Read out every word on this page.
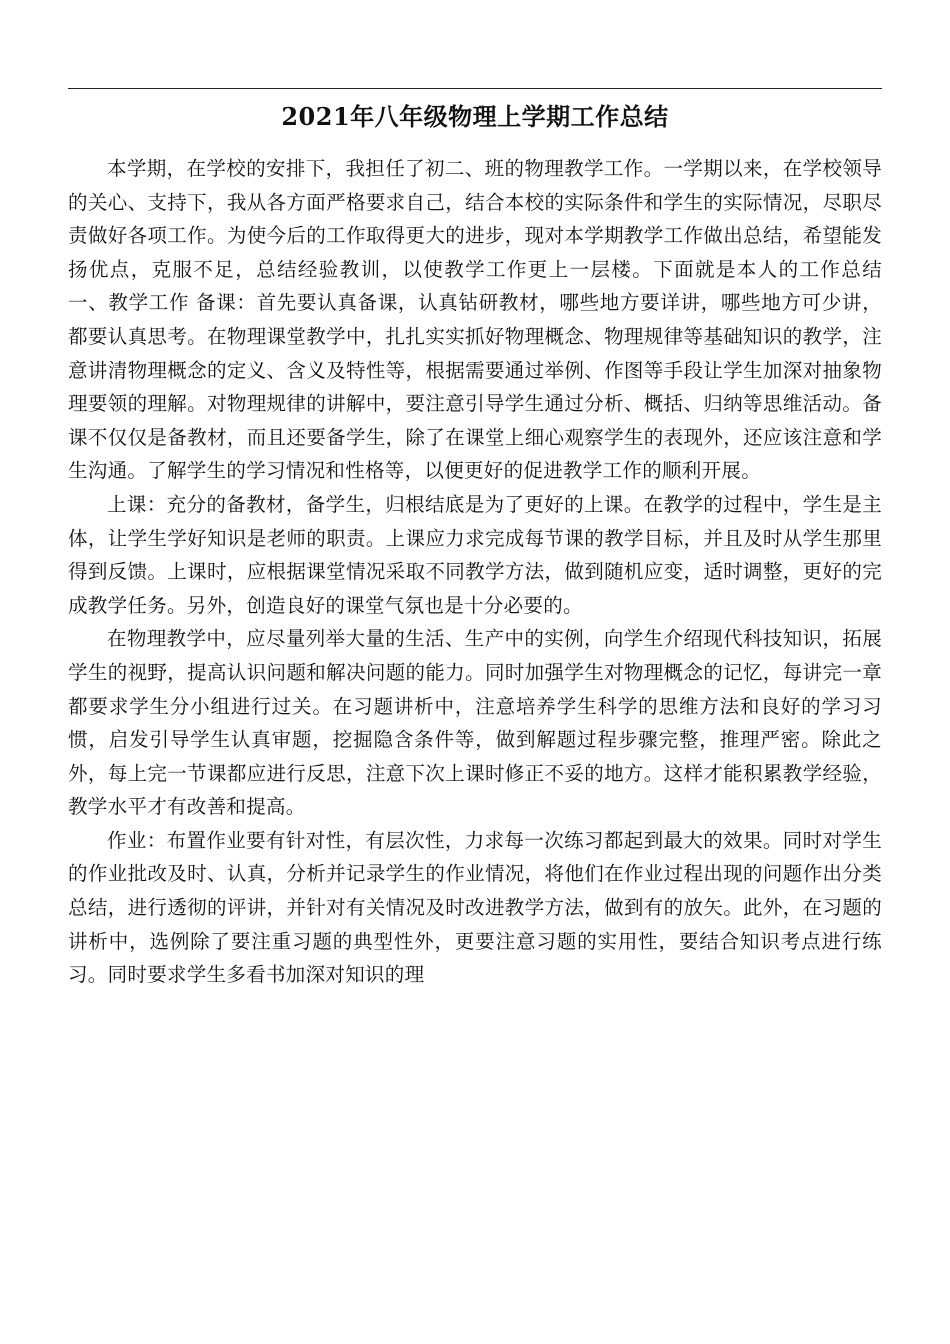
2021年八年级物理上学期工作总结

本学期，在学校的安排下，我担任了初二、班的物理教学工作。一学期以来，在学校领导的关心、支持下，我从各方面严格要求自己，结合本校的实际条件和学生的实际情况，尽职尽责做好各项工作。为使今后的工作取得更大的进步，现对本学期教学工作做出总结，希望能发扬优点，克服不足，总结经验教训，以使教学工作更上一层楼。下面就是本人的工作总结 一、教学工作 备课：首先要认真备课，认真钻研教材，哪些地方要详讲，哪些地方可少讲，都要认真思考。在物理课堂教学中，扎扎实实抓好物理概念、物理规律等基础知识的教学，注意讲清物理概念的定义、含义及特性等，根据需要通过举例、作图等手段让学生加深对抽象物理要领的理解。对物理规律的讲解中，要注意引导学生通过分析、概括、归纳等思维活动。备课不仅仅是备教材，而且还要备学生，除了在课堂上细心观察学生的表现外，还应该注意和学生沟通。了解学生的学习情况和性格等，以便更好的促进教学工作的顺利开展。

上课：充分的备教材，备学生，归根结底是为了更好的上课。在教学的过程中，学生是主体，让学生学好知识是老师的职责。上课应力求完成每节课的教学目标，并且及时从学生那里得到反馈。上课时，应根据课堂情况采取不同教学方法，做到随机应变，适时调整，更好的完成教学任务。另外，创造良好的课堂气氛也是十分必要的。

在物理教学中，应尽量列举大量的生活、生产中的实例，向学生介绍现代科技知识，拓展学生的视野，提高认识问题和解决问题的能力。同时加强学生对物理概念的记忆，每讲完一章都要求学生分小组进行过关。在习题讲析中，注意培养学生科学的思维方法和良好的学习习惯，启发引导学生认真审题，挖掘隐含条件等，做到解题过程步骤完整，推理严密。除此之外，每上完一节课都应进行反思，注意下次上课时修正不妥的地方。这样才能积累教学经验，教学水平才有改善和提高。

作业：布置作业要有针对性，有层次性，力求每一次练习都起到最大的效果。同时对学生的作业批改及时、认真，分析并记录学生的作业情况，将他们在作业过程出现的问题作出分类总结，进行透彻的评讲，并针对有关情况及时改进教学方法，做到有的放矢。此外，在习题的讲析中，选例除了要注重习题的典型性外，更要注意习题的实用性，要结合知识考点进行练习。同时要求学生多看书加深对知识的理
